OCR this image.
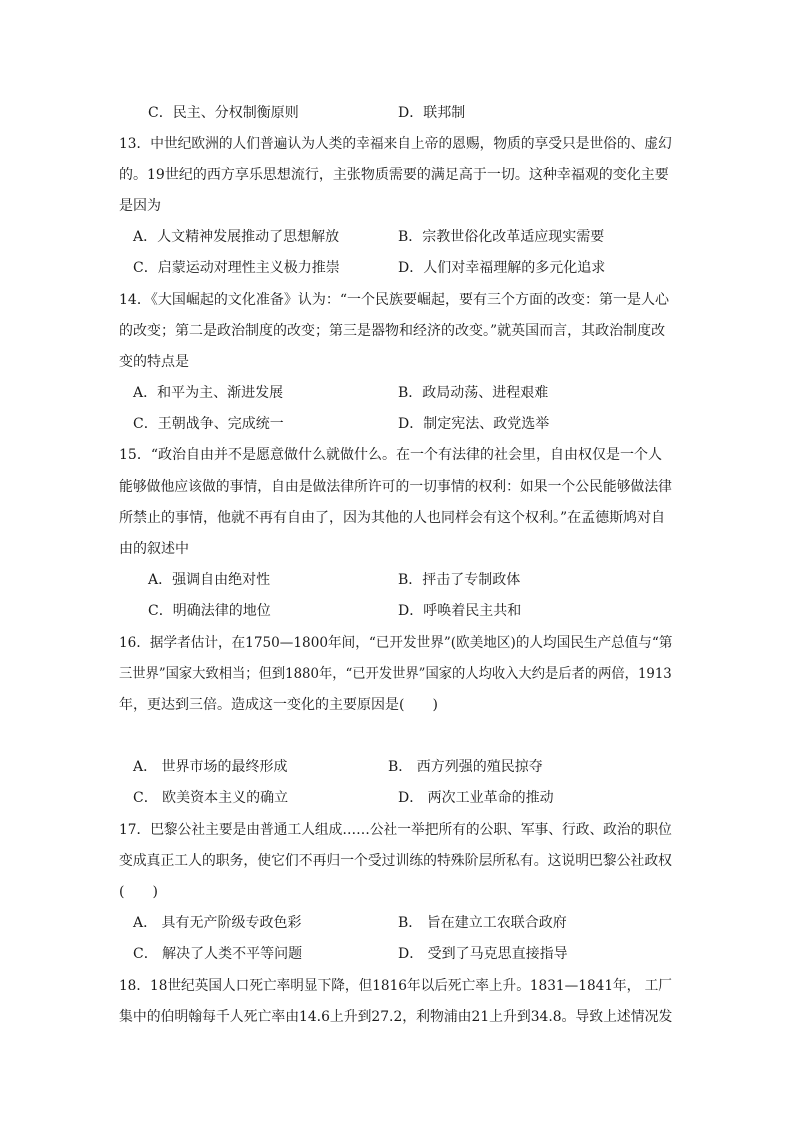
C．民主、分权制衡原则	D．联邦制
13．中世纪欧洲的人们普遍认为人类的幸福来自上帝的恩赐，物质的享受只是世俗的、虚幻
的。19世纪的西方享乐思想流行，主张物质需要的满足高于一切。这种幸福观的变化主要
是因为
A．人文精神发展推动了思想解放	B．宗教世俗化改革适应现实需要
C．启蒙运动对理性主义极力推崇	D．人们对幸福理解的多元化追求
14．《大国崛起的文化准备》认为：“一个民族要崛起，要有三个方面的改变：第一是人心
的改变；第二是政治制度的改变；第三是器物和经济的改变。”就英国而言，其政治制度改
变的特点是
A．和平为主、渐进发展	B．政局动荡、进程艰难
C．王朝战争、完成统一	D．制定宪法、政党选举
15．“政治自由并不是愿意做什么就做什么。在一个有法律的社会里，自由权仅是一个人
能够做他应该做的事情，自由是做法律所许可的一切事情的权利：如果一个公民能够做法律
所禁止的事情，他就不再有自由了，因为其他的人也同样会有这个权利。”在孟德斯鸠对自
由的叙述中
A．强调自由绝对性	B．抨击了专制政体
C．明确法律的地位	D．呼唤着民主共和
16．据学者估计，在1750—1800年间，“已开发世界”(欧美地区)的人均国民生产总值与“第
三世界”国家大致相当；但到1880年，“已开发世界”国家的人均收入大约是后者的两倍，1913
年，更达到三倍。造成这一变化的主要原因是(　　)
A． 世界市场的最终形成	B． 西方列强的殖民掠夺
C． 欧美资本主义的确立	D． 两次工业革命的推动
17．巴黎公社主要是由普通工人组成……公社一举把所有的公职、军事、行政、政治的职位
变成真正工人的职务，使它们不再归一个受过训练的特殊阶层所私有。这说明巴黎公社政权
(　　)
A． 具有无产阶级专政色彩	B． 旨在建立工农联合政府
C． 解决了人类不平等问题	D． 受到了马克思直接指导
18．18世纪英国人口死亡率明显下降，但1816年以后死亡率上升。1831—1841年， 工厂
集中的伯明翰每千人死亡率由14.6上升到27.2，利物浦由21上升到34.8。导致上述情况发
